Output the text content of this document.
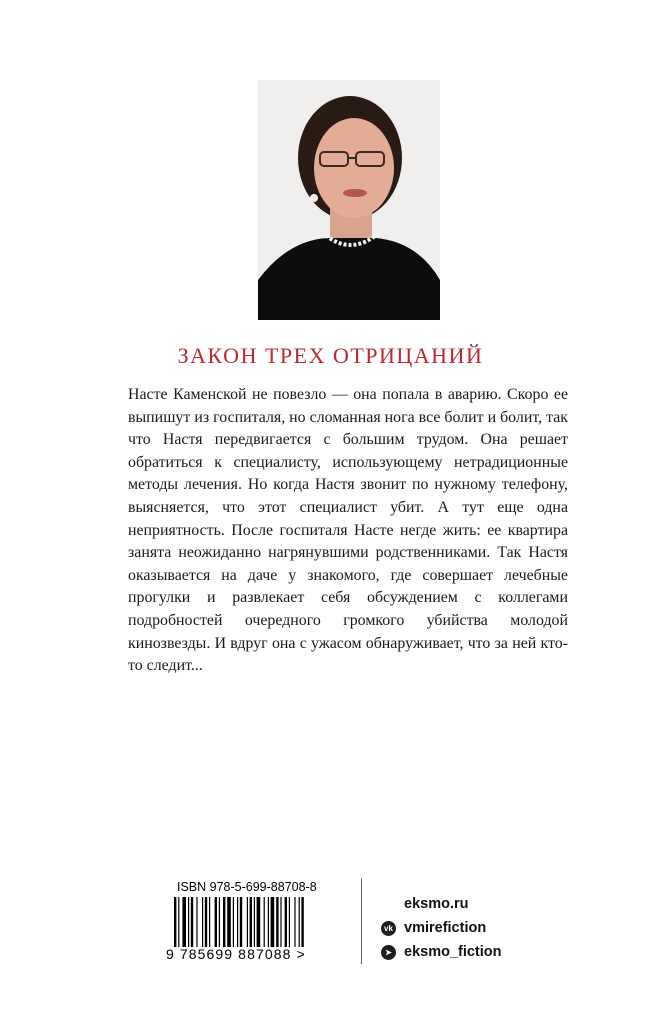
ЗАКОН ТРЕХ ОТРИЦАНИЙ

Насте Каменской не повезло — она попала в аварию. Скоро ее выпишут из госпиталя, но сломанная нога все болит и болит, так что Настя передвигается с большим трудом. Она решает обратиться к специалисту, использующему нетрадиционные методы лечения. Но когда Настя звонит по нужному телефону, выясняется, что этот специалист убит. А тут еще одна неприятность. После госпиталя Насте негде жить: ее квартира занята неожиданно нагрянувшими родственниками. Так Настя оказывается на даче у знакомого, где совершает лечебные прогулки и развлекает себя обсуждением с коллегами подробностей очередного громкого убийства молодой кинозвезды. И вдруг она с ужасом обнаруживает, что за ней кто-то следит...

ISBN 978-5-699-88708-8
9 785699 887088 >
eksmo.ru
vk vmirefiction
➤ eksmo_fiction
